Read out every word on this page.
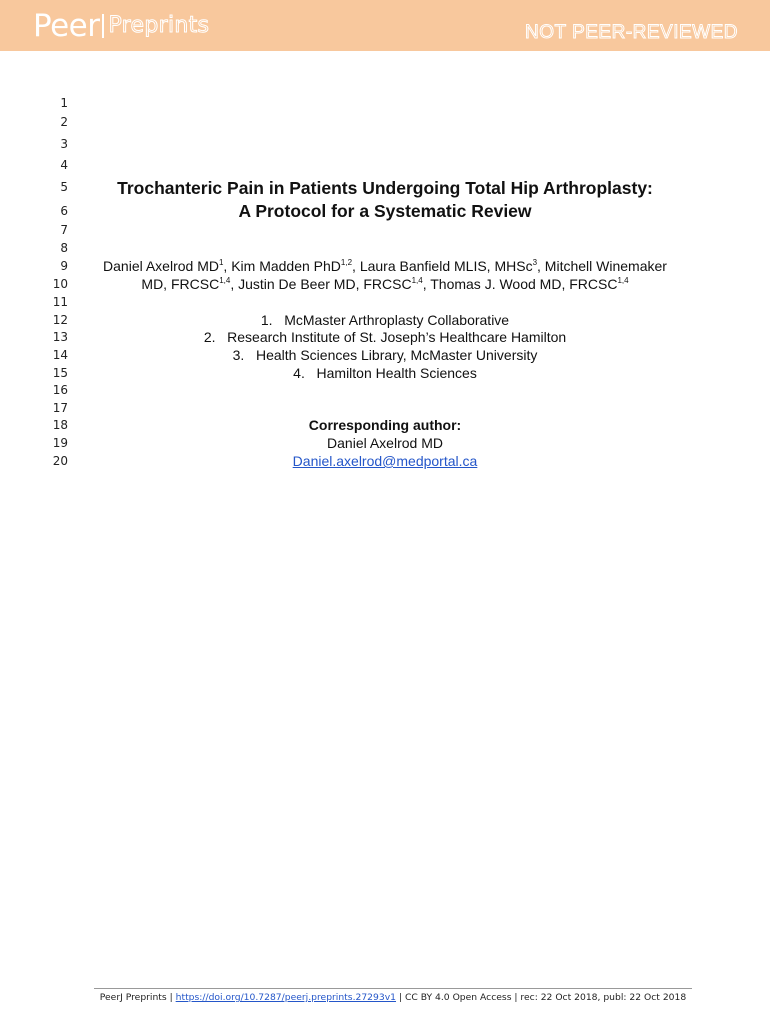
Peer Preprints	NOT PEER-REVIEWED
1
2
3
4
5
6
7
8
9
10
11
12
13
14
15
16
17
18
19
20
Trochanteric Pain in Patients Undergoing Total Hip Arthroplasty:
A Protocol for a Systematic Review
Daniel Axelrod $MD^1$, Kim Madden PhD$^{1,2}$, Laura Banfield MLIS, MHSc$^3$, Mitchell Winemaker
MD, FRCSC$^{1,4}$, Justin De Beer MD, FRCSC$^{1,4}$, Thomas J. Wood MD, FRCSC$^{1,4}$
1.   McMaster Arthroplasty Collaborative
2.   Research Institute of St. Joseph’s Healthcare Hamilton
3.   Health Sciences Library, McMaster University
4.   Hamilton Health Sciences
Corresponding author:
Daniel Axelrod MD
Daniel.axelrod@medportal.ca
PeerJ Preprints | https://doi.org/10.7287/peerj.preprints.27293v1 | CC BY 4.0 Open Access | rec: 22 Oct 2018, publ: 22 Oct 2018
